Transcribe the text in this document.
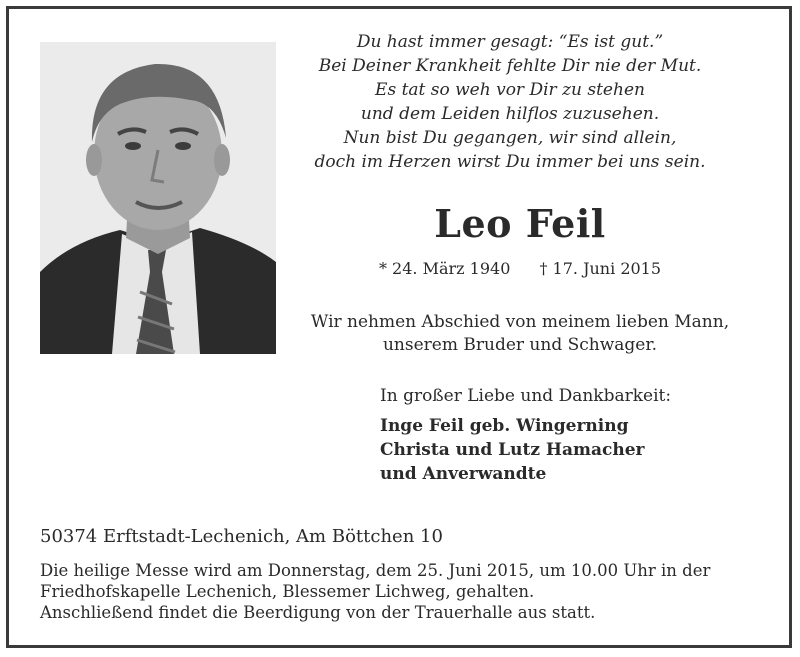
Du hast immer gesagt: “Es ist gut.”
Bei Deiner Krankheit fehlte Dir nie der Mut.
Es tat so weh vor Dir zu stehen
und dem Leiden hilflos zuzusehen.
Nun bist Du gegangen, wir sind allein,
doch im Herzen wirst Du immer bei uns sein.
Leo Feil
* 24. März 1940 † 17. Juni 2015
Wir nehmen Abschied von meinem lieben Mann,
unserem Bruder und Schwager.
In großer Liebe und Dankbarkeit:
Inge Feil geb. Wingerning
Christa und Lutz Hamacher
und Anverwandte
50374 Erftstadt-Lechenich, Am Böttchen 10
Die heilige Messe wird am Donnerstag, dem 25. Juni 2015, um 10.00 Uhr in der
Friedhofskapelle Lechenich, Blessemer Lichweg, gehalten.
Anschließend findet die Beerdigung von der Trauerhalle aus statt.
